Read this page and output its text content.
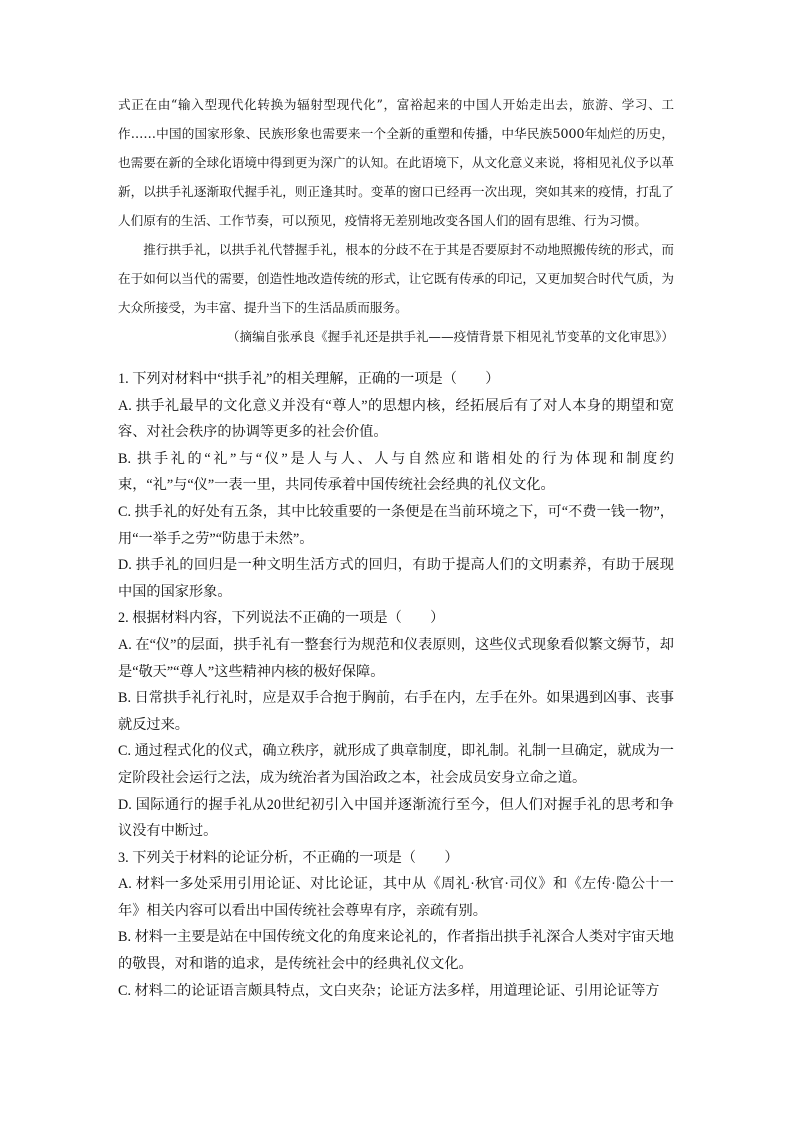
式正在由“输入型现代化转换为辐射型现代化”，富裕起来的中国人开始走出去，旅游、学习、工作……中国的国家形象、民族形象也需要来一个全新的重塑和传播，中华民族5000年灿烂的历史，也需要在新的全球化语境中得到更为深广的认知。在此语境下，从文化意义来说，将相见礼仪予以革新，以拱手礼逐渐取代握手礼，则正逢其时。变革的窗口已经再一次出现，突如其来的疫情，打乱了人们原有的生活、工作节奏，可以预见，疫情将无差别地改变各国人们的固有思维、行为习惯。

推行拱手礼，以拱手礼代替握手礼，根本的分歧不在于其是否要原封不动地照搬传统的形式，而在于如何以当代的需要，创造性地改造传统的形式，让它既有传承的印记，又更加契合时代气质，为大众所接受，为丰富、提升当下的生活品质而服务。

（摘编自张承良《握手礼还是拱手礼——疫情背景下相见礼节变革的文化审思》）

1. 下列对材料中“拱手礼”的相关理解，正确的一项是（　　）

A. 拱手礼最早的文化意义并没有“尊人”的思想内核，经拓展后有了对人本身的期望和宽容、对社会秩序的协调等更多的社会价值。

B. 拱手礼的“礼”与“仪”是人与人、人与自然应和谐相处的行为体现和制度约束，“礼”与“仪”一表一里，共同传承着中国传统社会经典的礼仪文化。

C. 拱手礼的好处有五条，其中比较重要的一条便是在当前环境之下，可“不费一钱一物”，用“一举手之劳”“防患于未然”。

D. 拱手礼的回归是一种文明生活方式的回归，有助于提高人们的文明素养，有助于展现中国的国家形象。

2. 根据材料内容，下列说法不正确的一项是（　　）

A. 在“仪”的层面，拱手礼有一整套行为规范和仪表原则，这些仪式现象看似繁文缛节，却是“敬天”“尊人”这些精神内核的极好保障。

B. 日常拱手礼行礼时，应是双手合抱于胸前，右手在内，左手在外。如果遇到凶事、丧事就反过来。

C. 通过程式化的仪式，确立秩序，就形成了典章制度，即礼制。礼制一旦确定，就成为一定阶段社会运行之法，成为统治者为国治政之本，社会成员安身立命之道。

D. 国际通行的握手礼从20世纪初引入中国并逐渐流行至今，但人们对握手礼的思考和争议没有中断过。

3. 下列关于材料的论证分析，不正确的一项是（　　）

A. 材料一多处采用引用论证、对比论证，其中从《周礼·秋官·司仪》和《左传·隐公十一年》相关内容可以看出中国传统社会尊卑有序，亲疏有别。

B. 材料一主要是站在中国传统文化的角度来论礼的，作者指出拱手礼深合人类对宇宙天地的敬畏，对和谐的追求，是传统社会中的经典礼仪文化。

C. 材料二的论证语言颇具特点，文白夹杂；论证方法多样，用道理论证、引用论证等方
